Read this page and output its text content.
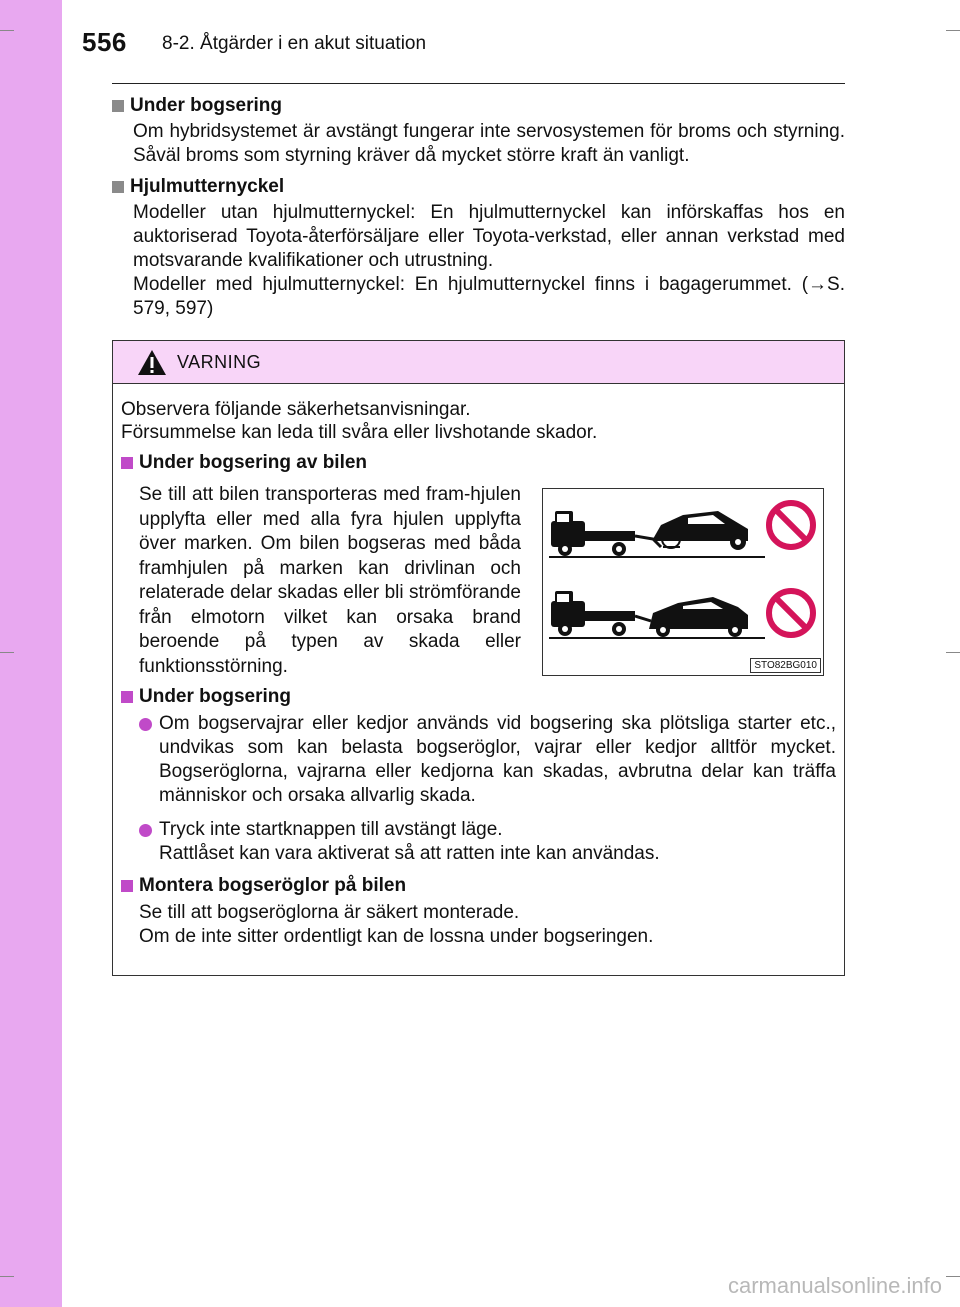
556 8-2. Åtgärder i en akut situation
Under bogsering
Om hybridsystemet är avstängt fungerar inte servosystemen för broms och styrning. Såväl broms som styrning kräver då mycket större kraft än vanligt.
Hjulmutternyckel
Modeller utan hjulmutternyckel: En hjulmutternyckel kan införskaffas hos en auktoriserad Toyota-återförsäljare eller Toyota-verkstad, eller annan verkstad med motsvarande kvalifikationer och utrustning.
Modeller med hjulmutternyckel: En hjulmutternyckel finns i bagagerummet. (→S. 579, 597)
VARNING
Observera följande säkerhetsanvisningar.
Försummelse kan leda till svåra eller livshotande skador.
Under bogsering av bilen
Se till att bilen transporteras med fram-hjulen upplyfta eller med alla fyra hjulen upplyfta över marken. Om bilen bogseras med båda framhjulen på marken kan drivlinan och relaterade delar skadas eller bli strömförande från elmotorn vilket kan orsaka brand beroende på typen av skada eller funktionsstörning.	STO82BG010
Under bogsering
Om bogservajrar eller kedjor används vid bogsering ska plötsliga starter etc., undvikas som kan belasta bogseröglor, vajrar eller kedjor alltför mycket. Bogseröglorna, vajrarna eller kedjorna kan skadas, avbrutna delar kan träffa människor och orsaka allvarlig skada.
Tryck inte startknappen till avstängt läge.
Rattlåset kan vara aktiverat så att ratten inte kan användas.
Montera bogseröglor på bilen
Se till att bogseröglorna är säkert monterade.
Om de inte sitter ordentligt kan de lossna under bogseringen.
carmanualsonline.info
